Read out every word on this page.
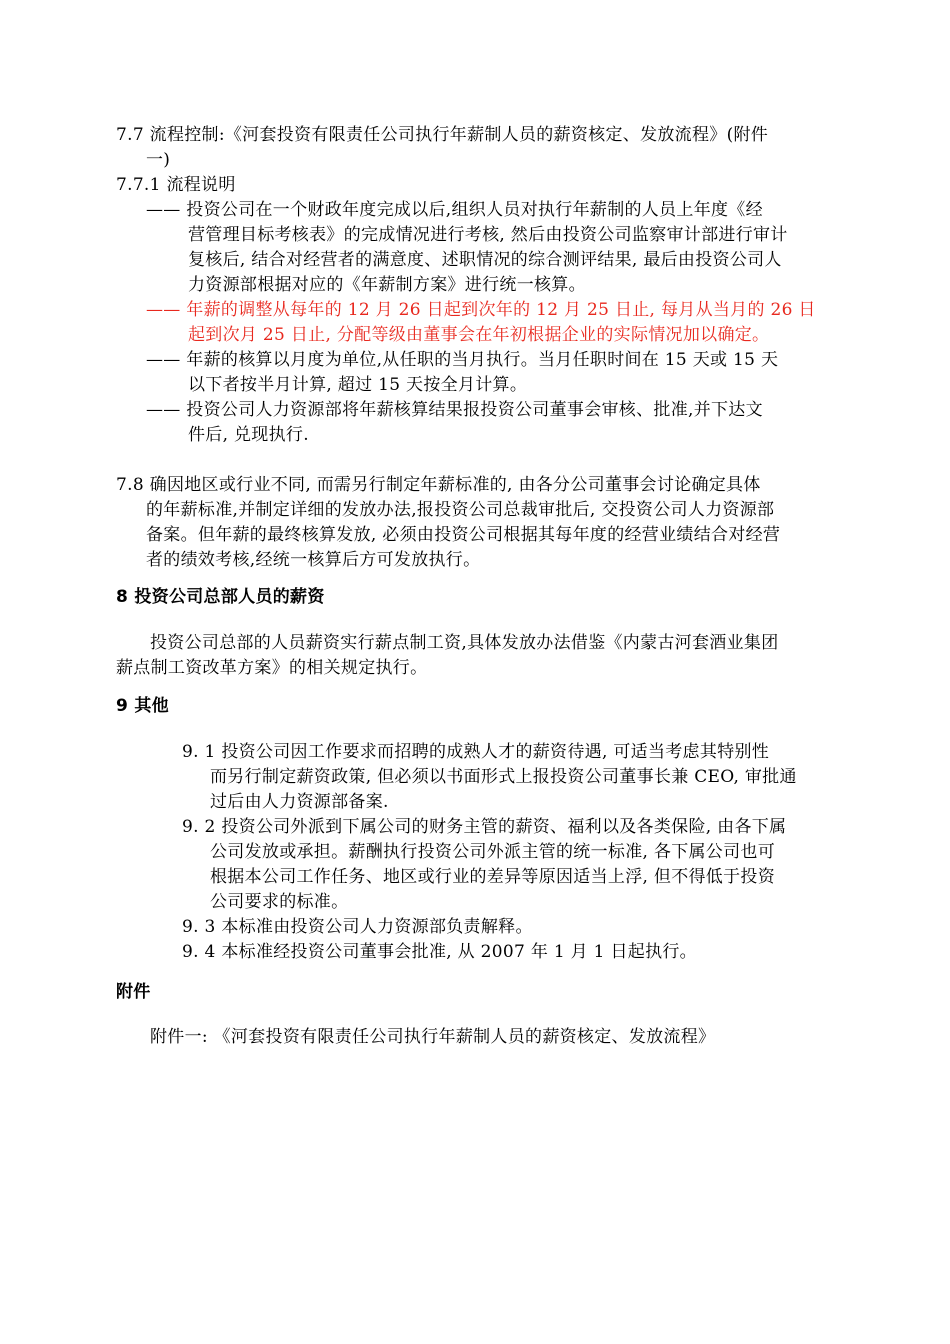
7.7 流程控制:《河套投资有限责任公司执行年薪制人员的薪资核定、发放流程》(附件
一)
7.7.1 流程说明
—— 投资公司在一个财政年度完成以后,组织人员对执行年薪制的人员上年度《经
营管理目标考核表》的完成情况进行考核, 然后由投资公司监察审计部进行审计
复核后, 结合对经营者的满意度、述职情况的综合测评结果, 最后由投资公司人
力资源部根据对应的《年薪制方案》进行统一核算。
—— 年薪的调整从每年的 12 月 26 日起到次年的 12 月 25 日止, 每月从当月的 26 日
起到次月 25 日止, 分配等级由董事会在年初根据企业的实际情况加以确定。
—— 年薪的核算以月度为单位,从任职的当月执行。当月任职时间在 15 天或 15 天
以下者按半月计算, 超过 15 天按全月计算。
—— 投资公司人力资源部将年薪核算结果报投资公司董事会审核、批准,并下达文
件后, 兑现执行.
7.8 确因地区或行业不同, 而需另行制定年薪标准的, 由各分公司董事会讨论确定具体
的年薪标准,并制定详细的发放办法,报投资公司总裁审批后, 交投资公司人力资源部
备案。但年薪的最终核算发放, 必须由投资公司根据其每年度的经营业绩结合对经营
者的绩效考核,经统一核算后方可发放执行。
8 投资公司总部人员的薪资
投资公司总部的人员薪资实行薪点制工资,具体发放办法借鉴《内蒙古河套酒业集团
薪点制工资改革方案》的相关规定执行。
9 其他
9. 1 投资公司因工作要求而招聘的成熟人才的薪资待遇, 可适当考虑其特别性
而另行制定薪资政策, 但必须以书面形式上报投资公司董事长兼 CEO, 审批通
过后由人力资源部备案.
9. 2 投资公司外派到下属公司的财务主管的薪资、福利以及各类保险, 由各下属
公司发放或承担。薪酬执行投资公司外派主管的统一标准, 各下属公司也可
根据本公司工作任务、地区或行业的差异等原因适当上浮, 但不得低于投资
公司要求的标准。
9. 3 本标准由投资公司人力资源部负责解释。
9. 4 本标准经投资公司董事会批准, 从 2007 年 1 月 1 日起执行。
附件
附件一: 《河套投资有限责任公司执行年薪制人员的薪资核定、发放流程》
